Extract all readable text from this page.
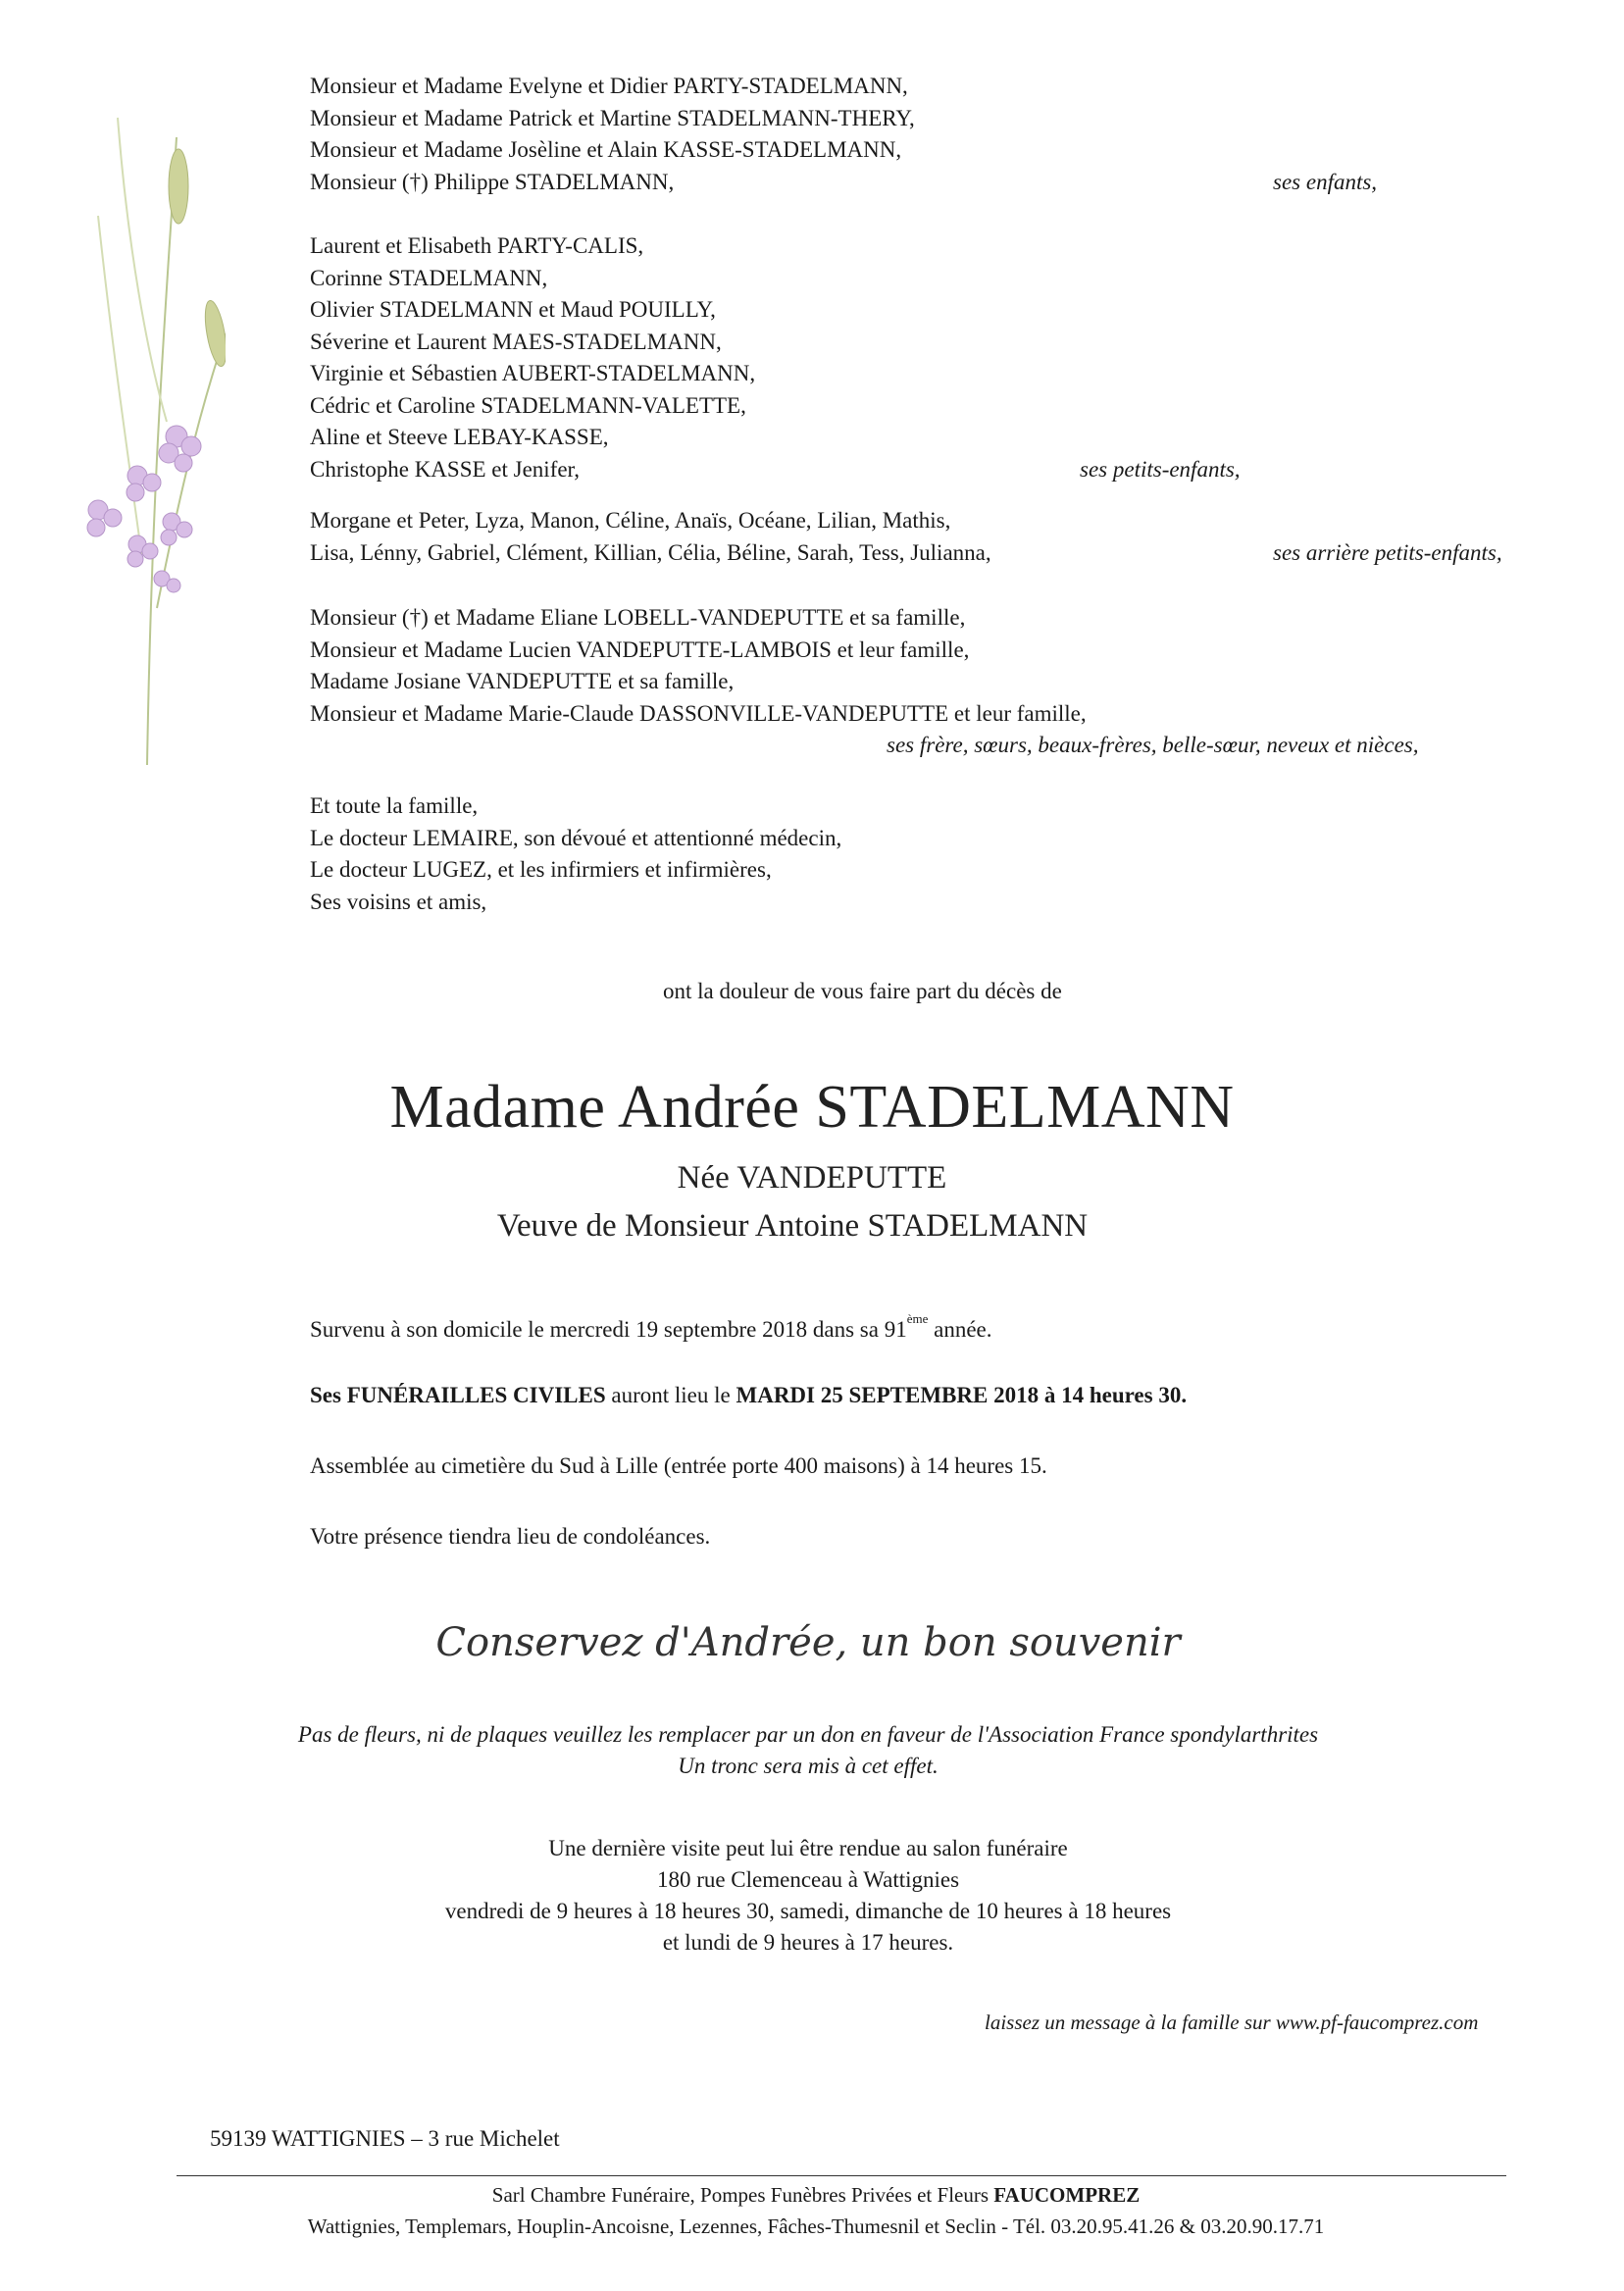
Monsieur et Madame Evelyne et Didier PARTY-STADELMANN,
Monsieur et Madame Patrick et Martine STADELMANN-THERY,
Monsieur et Madame Josèline et Alain KASSE-STADELMANN,
Monsieur (†) Philippe STADELMANN,	ses enfants,
Laurent et Elisabeth PARTY-CALIS,
Corinne STADELMANN,
Olivier STADELMANN et Maud POUILLY,
Séverine et Laurent MAES-STADELMANN,
Virginie et Sébastien AUBERT-STADELMANN,
Cédric et Caroline STADELMANN-VALETTE,
Aline et Steeve LEBAY-KASSE,
Christophe KASSE et Jenifer,	ses petits-enfants,
Morgane et Peter, Lyza, Manon, Céline, Anaïs, Océane, Lilian, Mathis,
Lisa, Lénny, Gabriel, Clément, Killian, Célia, Béline, Sarah, Tess, Julianna,	ses arrière petits-enfants,
Monsieur (†) et Madame Eliane LOBELL-VANDEPUTTE et sa famille,
Monsieur et Madame Lucien VANDEPUTTE-LAMBOIS et leur famille,
Madame Josiane VANDEPUTTE et sa famille,
Monsieur et Madame Marie-Claude DASSONVILLE-VANDEPUTTE et leur famille,
ses frère, sœurs, beaux-frères, belle-sœur, neveux et nièces,
Et toute la famille,
Le docteur LEMAIRE, son dévoué et attentionné médecin,
Le docteur LUGEZ, et les infirmiers et infirmières,
Ses voisins et amis,
ont la douleur de vous faire part du décès de
Madame Andrée STADELMANN
Née VANDEPUTTE
Veuve de Monsieur Antoine STADELMANN
Survenu à son domicile le mercredi 19 septembre 2018 dans sa 91ème année.
Ses FUNÉRAILLES CIVILES auront lieu le MARDI 25 SEPTEMBRE 2018 à 14 heures 30.
Assemblée au cimetière du Sud à Lille (entrée porte 400 maisons) à 14 heures 15.
Votre présence tiendra lieu de condoléances.
Conservez d'Andrée, un bon souvenir
Pas de fleurs, ni de plaques veuillez les remplacer par un don en faveur de l'Association France spondylarthrites
Un tronc sera mis à cet effet.
Une dernière visite peut lui être rendue au salon funéraire
180 rue Clemenceau à Wattignies
vendredi de 9 heures à 18 heures 30, samedi, dimanche de 10 heures à 18 heures
et lundi de 9 heures à 17 heures.
laissez un message à la famille sur www.pf-faucomprez.com
59139 WATTIGNIES – 3 rue Michelet
Sarl Chambre Funéraire, Pompes Funèbres Privées et Fleurs FAUCOMPREZ
Wattignies, Templemars, Houplin-Ancoisne, Lezennes, Fâches-Thumesnil et Seclin - Tél. 03.20.95.41.26 & 03.20.90.17.71
